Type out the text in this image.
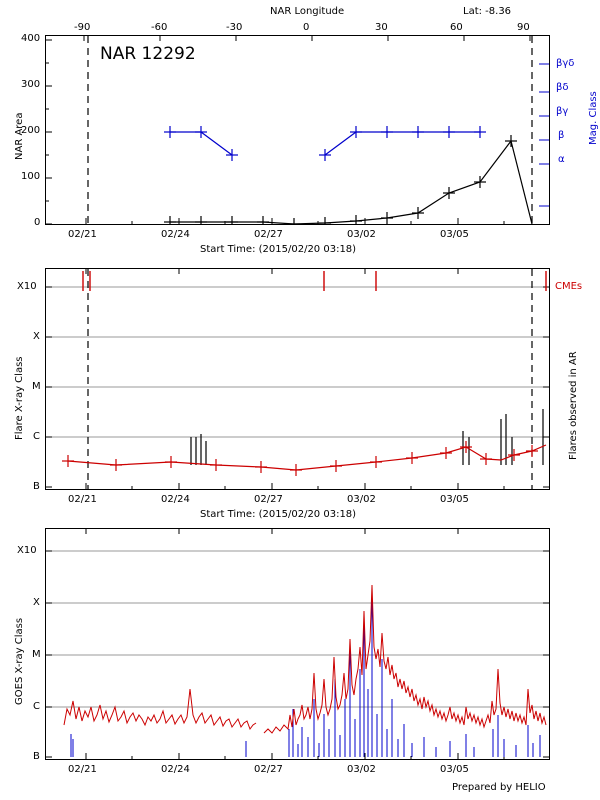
NAR Longitude	Lat: -8.36
-90	-60	-30	0	30	60	90
NAR 12292
400
300
200
100
0
NAR Area
02/21	02/24	02/27	03/02	03/05
Start Time: (2015/02/20 03:18)
βγδ
βδ
βγ
β
α
Mag. Class
X10
X
M
C
B
Flare X-ray Class
CMEs
Flares observed in AR
02/21	02/24	02/27	03/02	03/05
Start Time: (2015/02/20 03:18)
X10
X
M
C
B
GOES X-ray Class
02/21	02/24	02/27	03/02	03/05
Prepared by HELIO
